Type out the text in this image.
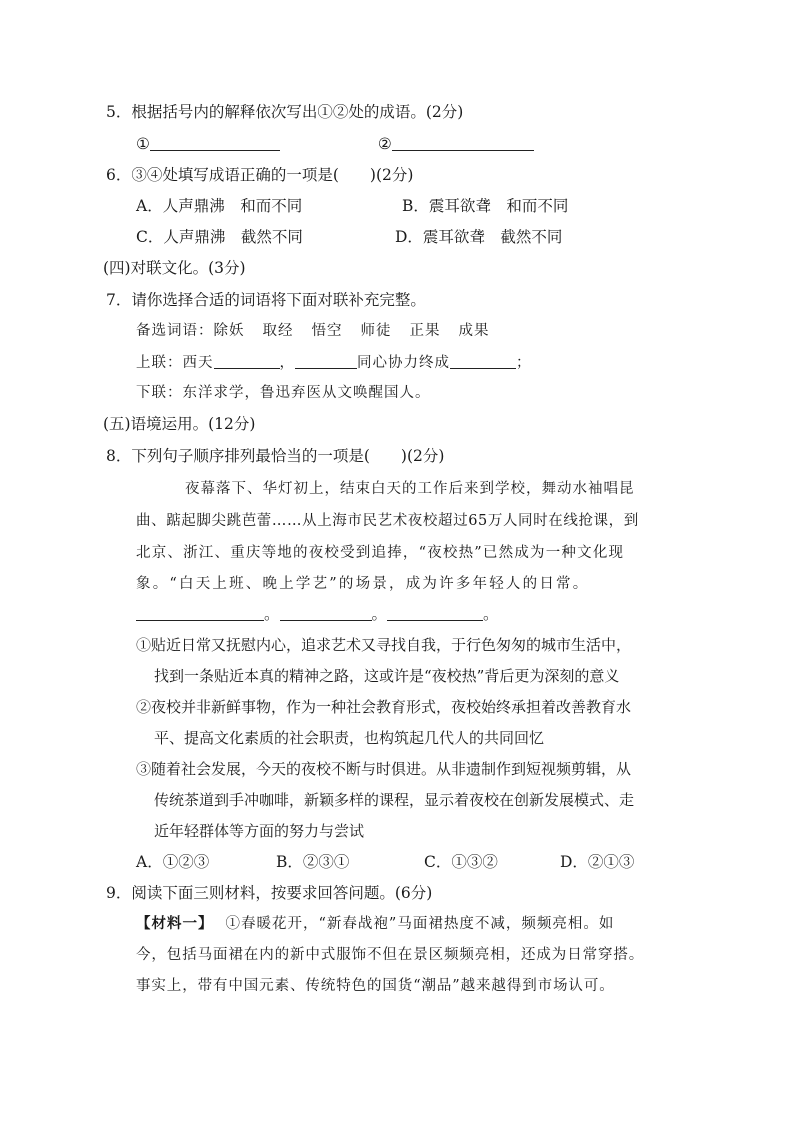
5．根据括号内的解释依次写出①②处的成语。(2分)
①	②
6．③④处填写成语正确的一项是(　　)(2分)
A．人声鼎沸　和而不同	B．震耳欲聋　和而不同
C．人声鼎沸　截然不同	D．震耳欲聋　截然不同
(四)对联文化。(3分)
7．请你选择合适的词语将下面对联补充完整。
备选词语：除妖 取经 悟空 师徒 正果 成果
上联：西天	，	同心协力终成	；
下联：东洋求学，鲁迅弃医从文唤醒国人。
(五)语境运用。(12分)
8．下列句子顺序排列最恰当的一项是(　　)(2分)
夜幕落下、华灯初上，结束白天的工作后来到学校，舞动水袖唱昆
曲、踮起脚尖跳芭蕾……从上海市民艺术夜校超过65万人同时在线抢课，到
北京、浙江、重庆等地的夜校受到追捧，“夜校热”已然成为一种文化现
象。“白天上班、晚上学艺”的场景，成为许多年轻人的日常。
。	。	。
①贴近日常又抚慰内心，追求艺术又寻找自我，于行色匆匆的城市生活中，
找到一条贴近本真的精神之路，这或许是“夜校热”背后更为深刻的意义
②夜校并非新鲜事物，作为一种社会教育形式，夜校始终承担着改善教育水
平、提高文化素质的社会职责，也构筑起几代人的共同回忆
③随着社会发展，今天的夜校不断与时俱进。从非遗制作到短视频剪辑，从
传统茶道到手冲咖啡，新颖多样的课程，显示着夜校在创新发展模式、走
近年轻群体等方面的努力与尝试
A．①②③	B．②③①	C．①③②	D．②①③
9．阅读下面三则材料，按要求回答问题。(6分)
【材料一】 ①春暖花开，“新春战袍”马面裙热度不减，频频亮相。如
今，包括马面裙在内的新中式服饰不但在景区频频亮相，还成为日常穿搭。
事实上，带有中国元素、传统特色的国货“潮品”越来越得到市场认可。
